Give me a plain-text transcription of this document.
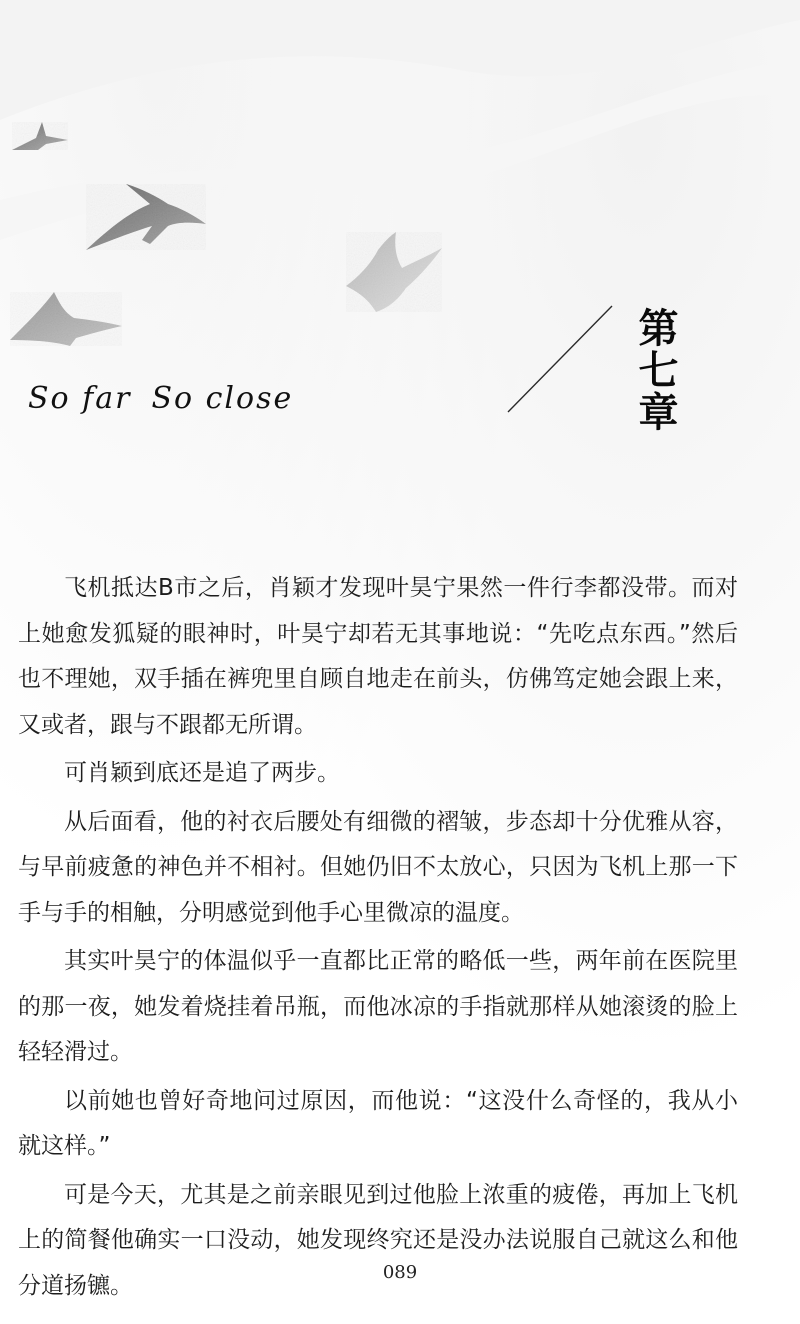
第七章
So far So close

飞机抵达B市之后，肖颖才发现叶昊宁果然一件行李都没带。而对上她愈发狐疑的眼神时，叶昊宁却若无其事地说：“先吃点东西。”然后也不理她，双手插在裤兜里自顾自地走在前头，仿佛笃定她会跟上来，又或者，跟与不跟都无所谓。

可肖颖到底还是追了两步。

从后面看，他的衬衣后腰处有细微的褶皱，步态却十分优雅从容，与早前疲惫的神色并不相衬。但她仍旧不太放心，只因为飞机上那一下手与手的相触，分明感觉到他手心里微凉的温度。

其实叶昊宁的体温似乎一直都比正常的略低一些，两年前在医院里的那一夜，她发着烧挂着吊瓶，而他冰凉的手指就那样从她滚烫的脸上轻轻滑过。

以前她也曾好奇地问过原因，而他说：“这没什么奇怪的，我从小就这样。”

可是今天，尤其是之前亲眼见到过他脸上浓重的疲倦，再加上飞机上的简餐他确实一口没动，她发现终究还是没办法说服自己就这么和他分道扬镳。	089
